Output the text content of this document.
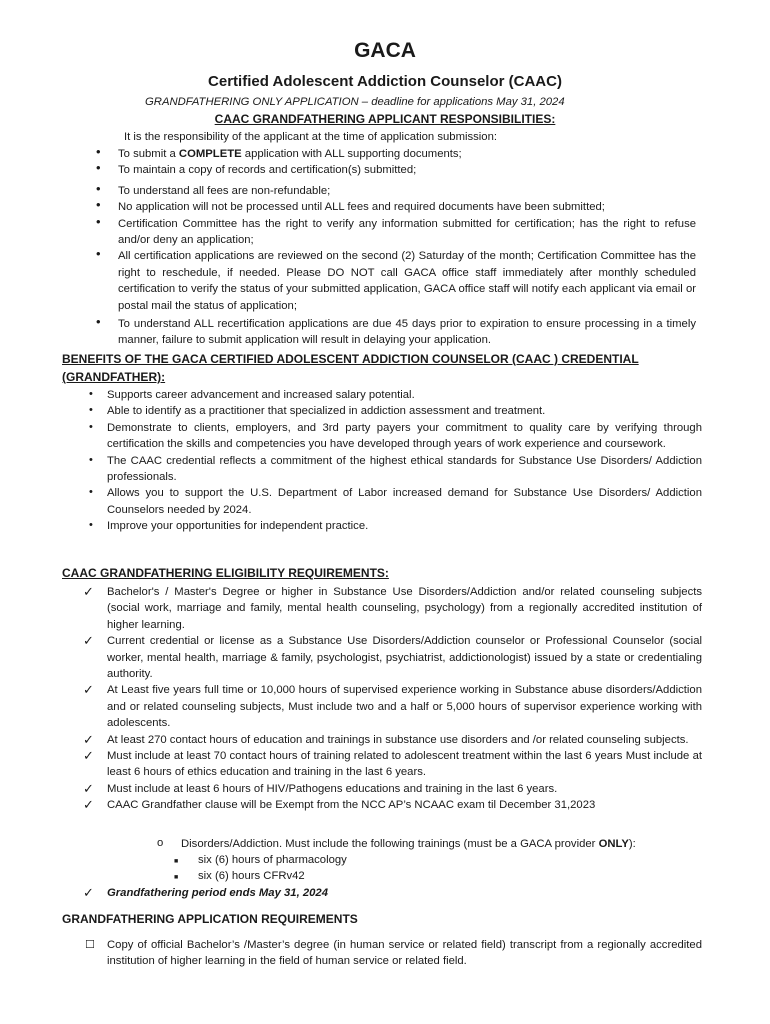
GACA
Certified Adolescent Addiction Counselor (CAAC)
GRANDFATHERING ONLY APPLICATION – deadline for applications May 31, 2024
CAAC GRANDFATHERING APPLICANT RESPONSIBILITIES:
It is the responsibility of the applicant at the time of application submission:
• To submit a COMPLETE application with ALL supporting documents;
• To maintain a copy of records and certification(s) submitted;
• To understand all fees are non-refundable;
• No application will not be processed until ALL fees and required documents have been submitted;
• Certification Committee has the right to verify any information submitted for certification; has the right to refuse and/or deny an application;
• All certification applications are reviewed on the second (2) Saturday of the month; Certification Committee has the right to reschedule, if needed. Please DO NOT call GACA office staff immediately after monthly scheduled certification to verify the status of your submitted application, GACA office staff will notify each applicant via email or postal mail the status of application;
• To understand ALL recertification applications are due 45 days prior to expiration to ensure processing in a timely manner, failure to submit application will result in delaying your application.
BENEFITS OF THE GACA CERTIFIED ADOLESCENT ADDICTION COUNSELOR (CAAC ) CREDENTIAL (GRANDFATHER):
• Supports career advancement and increased salary potential.
• Able to identify as a practitioner that specialized in addiction assessment and treatment.
• Demonstrate to clients, employers, and 3rd party payers your commitment to quality care by verifying through certification the skills and competencies you have developed through years of work experience and coursework.
• The CAAC credential reflects a commitment of the highest ethical standards for Substance Use Disorders/ Addiction professionals.
• Allows you to support the U.S. Department of Labor increased demand for Substance Use Disorders/ Addiction Counselors needed by 2024.
• Improve your opportunities for independent practice.
CAAC GRANDFATHERING ELIGIBILITY REQUIREMENTS:
✓ Bachelor's / Master's Degree or higher in Substance Use Disorders/Addiction and/or related counseling subjects (social work, marriage and family, mental health counseling, psychology) from a regionally accredited institution of higher learning.
✓ Current credential or license as a Substance Use Disorders/Addiction counselor or Professional Counselor (social worker, mental health, marriage & family, psychologist, psychiatrist, addictionologist) issued by a state or credentialing authority.
✓ At Least five years full time or 10,000 hours of supervised experience working in Substance abuse disorders/Addiction and or related counseling subjects, Must include two and a half or 5,000 hours of supervisor experience working with adolescents.
✓ At least 270 contact hours of education and trainings in substance use disorders and /or related counseling subjects.
✓ Must include at least 70 contact hours of training related to adolescent treatment within the last 6 years Must include at least 6 hours of ethics education and training in the last 6 years.
✓ Must include at least 6 hours of HIV/Pathogens educations and training in the last 6 years.
✓ CAAC Grandfather clause will be Exempt from the NCC AP’s NCAAC exam til December 31,2023
o Disorders/Addiction. Must include the following trainings (must be a GACA provider ONLY):
■ six (6) hours of pharmacology
■ six (6) hours CFRv42
✓ Grandfathering period ends May 31, 2024
GRANDFATHERING APPLICATION REQUIREMENTS
☐ Copy of official Bachelor’s /Master’s degree (in human service or related field) transcript from a regionally accredited institution of higher learning in the field of human service or related field.
